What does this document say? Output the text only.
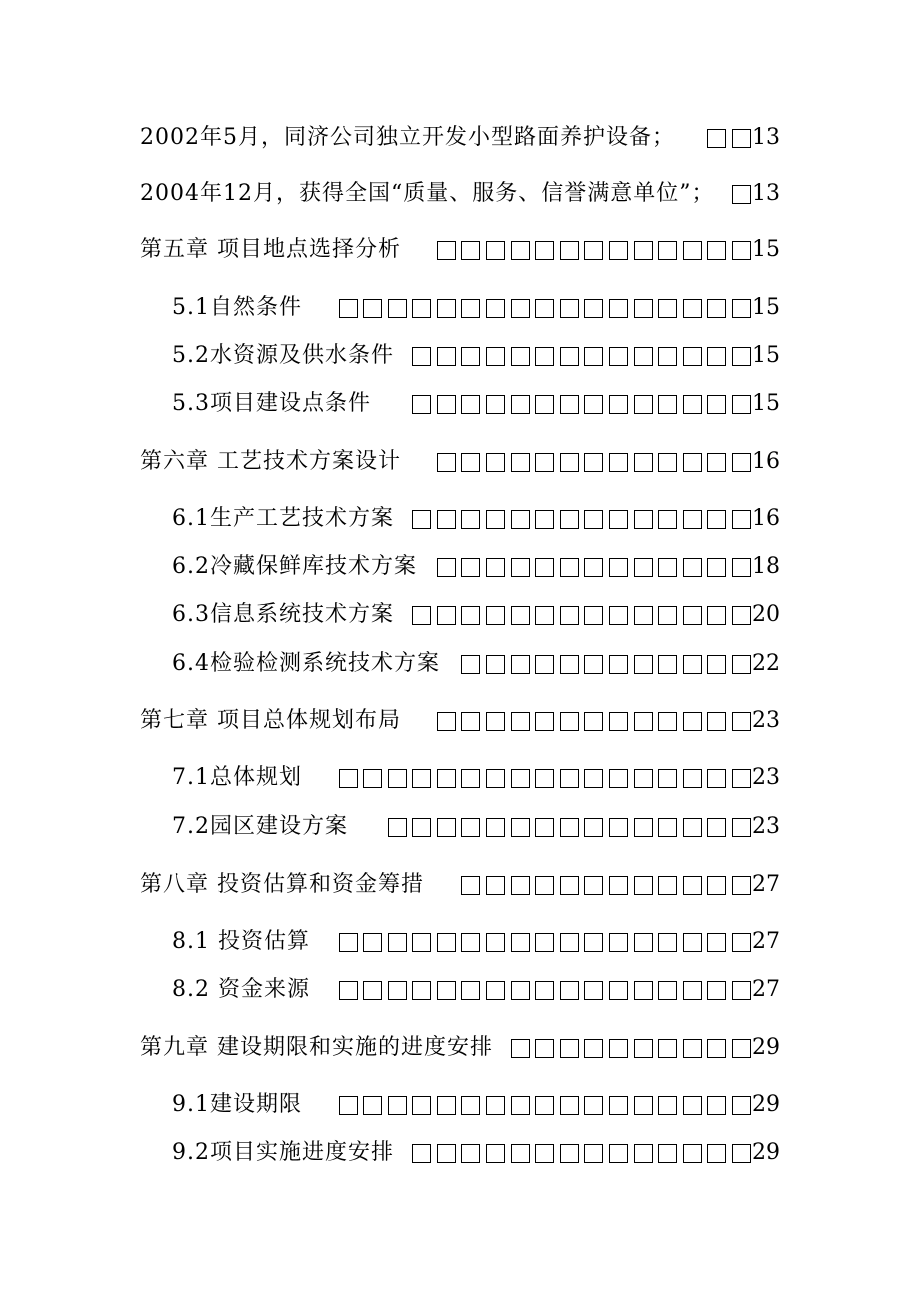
2002年5月，同济公司独立开发小型路面养护设备；	13
2004年12月，获得全国“质量、服务、信誉满意单位”； 13
第五章 项目地点选择分析	15
5.1自然条件	15
5.2水资源及供水条件	15
5.3项目建设点条件	15
第六章 工艺技术方案设计	16
6.1生产工艺技术方案	16
6.2冷藏保鲜库技术方案	18
6.3信息系统技术方案	20
6.4检验检测系统技术方案	22
第七章 项目总体规划布局	23
7.1总体规划	23
7.2园区建设方案	23
第八章 投资估算和资金筹措	27
8.1 投资估算	27
8.2 资金来源	27
第九章 建设期限和实施的进度安排	29
9.1建设期限	29
9.2项目实施进度安排	29
